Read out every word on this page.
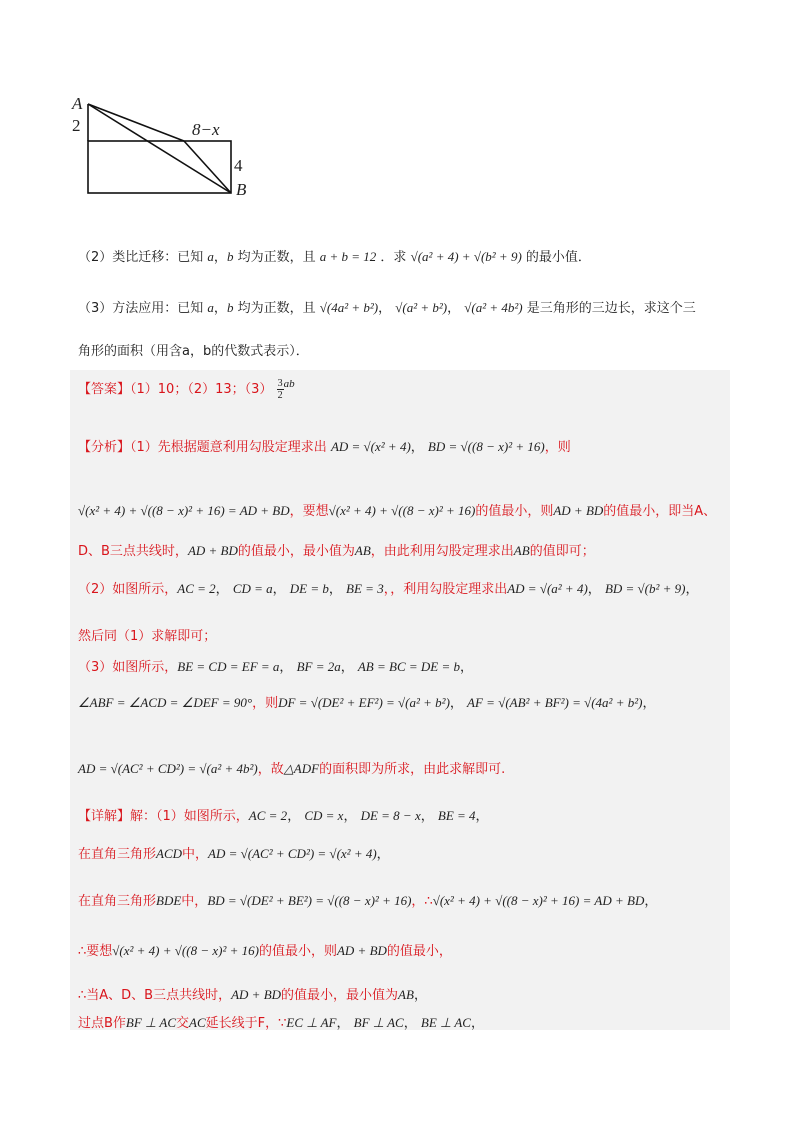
A
2	8−x
4
B
（2）类比迁移：已知 a，b 均为正数，且 a + b = 12 ．求 √(a² + 4) + √(b² + 9) 的最小值．
（3）方法应用：已知 a，b 均为正数，且 √(4a² + b²)， √(a² + b²)， √(a² + 4b²) 是三角形的三边长，求这个三
角形的面积（用含a，b的代数式表示）．
【答案】（1）10；（2）13；$(3) \frac{3}{2} ^{ab}$
【分析】（1）先根据题意利用勾股定理求出 AD = √(x² + 4)， BD = √((8 − x)² + 16)，则
√(x² + 4) + √((8 − x)² + 16) = AD + BD，要想√(x² + 4) + √((8 − x)² + 16)的值最小，则AD + BD的值最小，即当A、
D、B三点共线时，AD + BD的值最小，最小值为AB，由此利用勾股定理求出AB的值即可；
（2）如图所示，AC = 2， CD = a， DE = b， BE = 3，，利用勾股定理求出AD = √(a² + 4)， BD = √(b² + 9)，
然后同（1）求解即可；
（3）如图所示，BE = CD = EF = a， BF = 2a， AB = BC = DE = b，
∠ABF = ∠ACD = ∠DEF = 90°，则DF = √(DE² + EF²) = √(a² + b²)， AF = √(AB² + BF²) = √(4a² + b²)，
AD = √(AC² + CD²) = √(a² + 4b²)，故△ADF的面积即为所求，由此求解即可.
【详解】解：（1）如图所示，AC = 2， CD = x， DE = 8 − x， BE = 4，
在直角三角形ACD中，AD = √(AC² + CD²) = √(x² + 4)，
在直角三角形BDE中，BD = √(DE² + BE²) = √((8 − x)² + 16)，∴√(x² + 4) + √((8 − x)² + 16) = AD + BD，
∴要想√(x² + 4) + √((8 − x)² + 16)的值最小，则AD + BD的值最小，
∴当A、D、B三点共线时，AD + BD的值最小，最小值为AB，
过点B作BF ⊥ AC交AC延长线于F，∵EC ⊥ AF， BF ⊥ AC， BE ⊥ AC，
